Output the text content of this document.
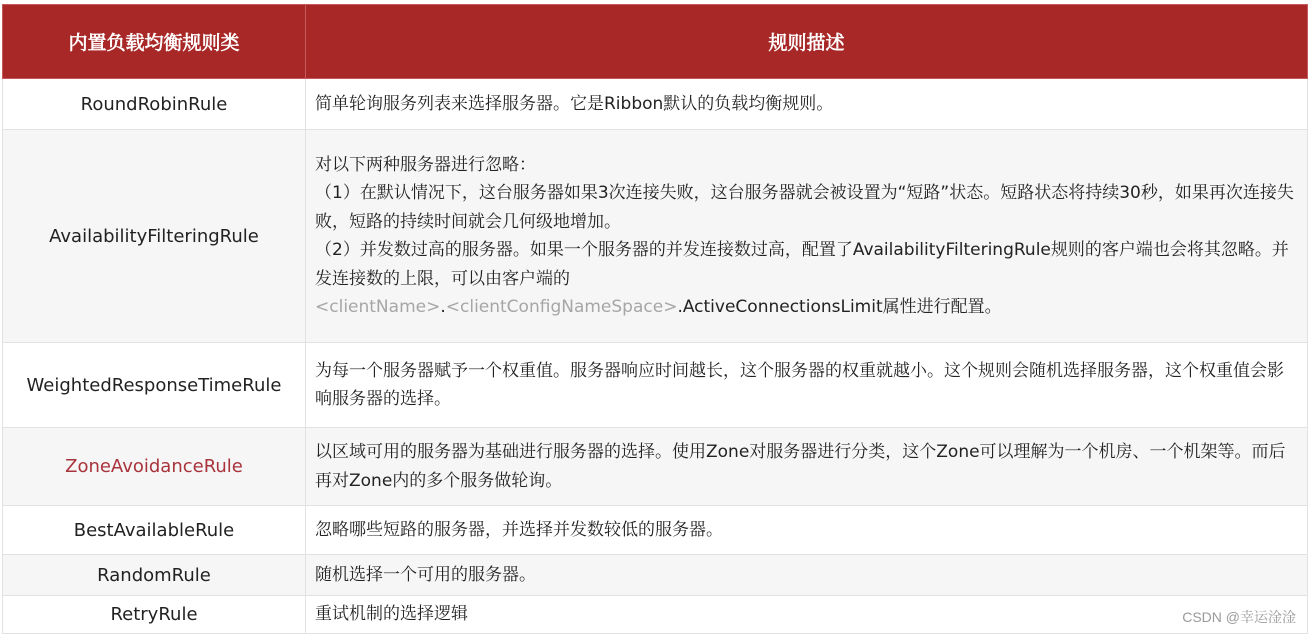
内置负载均衡规则类	规则描述
RoundRobinRule	简单轮询服务列表来选择服务器。它是Ribbon默认的负载均衡规则。
AvailabilityFilteringRule	对以下两种服务器进行忽略：
（1）在默认情况下，这台服务器如果3次连接失败，这台服务器就会被设置为“短路”状态。短路状态将持续30秒，如果再次连接失败，短路的持续时间就会几何级地增加。
（2）并发数过高的服务器。如果一个服务器的并发连接数过高，配置了AvailabilityFilteringRule规则的客户端也会将其忽略。并发连接数的上限，可以由客户端的
<clientName>.<clientConfigNameSpace>.ActiveConnectionsLimit属性进行配置。

WeightedResponseTimeRule	为每一个服务器赋予一个权重值。服务器响应时间越长，这个服务器的权重就越小。这个规则会随机选择服务器，这个权重值会影响服务器的选择。
ZoneAvoidanceRule	以区域可用的服务器为基础进行服务器的选择。使用Zone对服务器进行分类，这个Zone可以理解为一个机房、一个机架等。而后再对Zone内的多个服务做轮询。
BestAvailableRule	忽略哪些短路的服务器，并选择并发数较低的服务器。
RandomRule	随机选择一个可用的服务器。
RetryRule	重试机制的选择逻辑	CSDN @幸运淦淦
